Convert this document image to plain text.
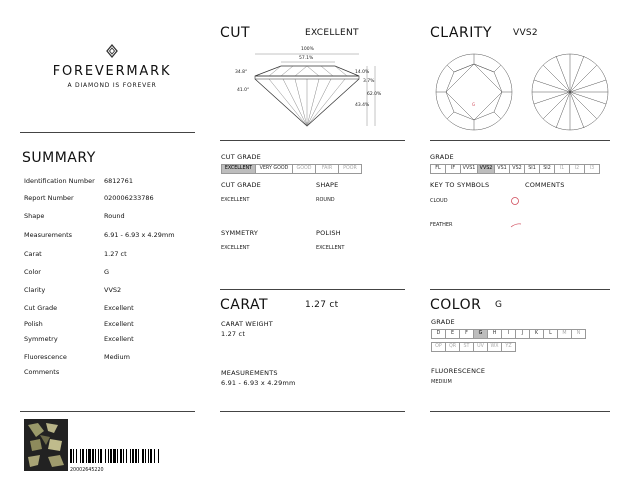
FOREVERMARK
A DIAMOND IS FOREVER
SUMMARY
Identification Number 6812761
Report Number	020006233786
Shape	Round
Measurements	6.91 - 6.93 x 4.29mm
Carat	1.27 ct
Color	G
Clarity	VVS2
Cut Grade	Excellent
Polish	Excellent
Symmetry	Excellent
Fluorescence	Medium
Comments
20002645220
CUT	EXCELLENT
100%
57.1%
34.8°
41.0°
14.0%
3.7%
62.0%
43.4%
CUT GRADE
EXCELLENT	VERY GOOD	GOOD	FAIR	POOR
CUT GRADE
EXCELLENT
SHAPE
ROUND
SYMMETRY
EXCELLENT
POLISH
EXCELLENT
CARAT	1.27 ct
CARAT WEIGHT
1.27 ct
MEASUREMENTS
6.91 - 6.93 x 4.29mm
CLARITY VVS2
G
GRADE
FL	IF	VVS1 VVS2	VS1	VS2	SI1	SI2	I1	I2	I3
KEY TO SYMBOLS	COMMENTS
CLOUD
FEATHER
COLOR G
GRADE
D	E	F	G	H	I	J	K	L	M	N
OP	QR	ST	UV	WX	YZ
FLUORESCENCE
MEDIUM
